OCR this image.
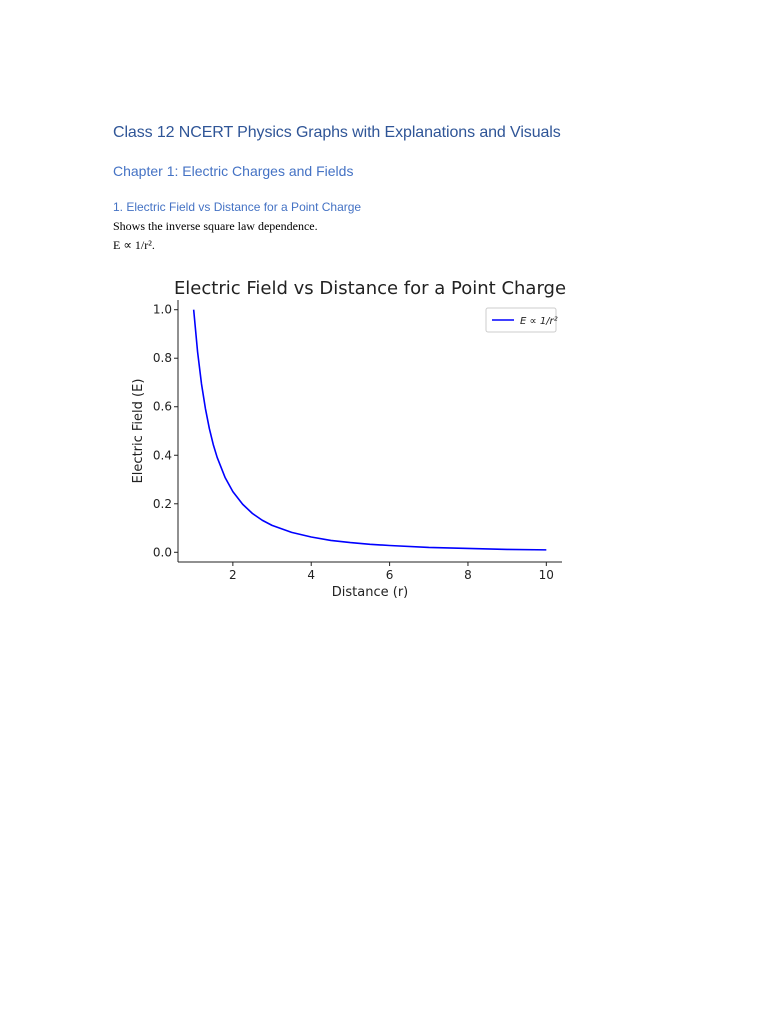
Class 12 NCERT Physics Graphs with Explanations and Visuals
Chapter 1: Electric Charges and Fields
1. Electric Field vs Distance for a Point Charge
Shows the inverse square law dependence.
E ∝ 1/r².
Electric Field vs Distance for a Point Charge
2	4	6	8	10
0.0
0.2
0.4
0.6
0.8
1.0
Distance (r)
Electric Field (E)
E ∝ 1/r²
